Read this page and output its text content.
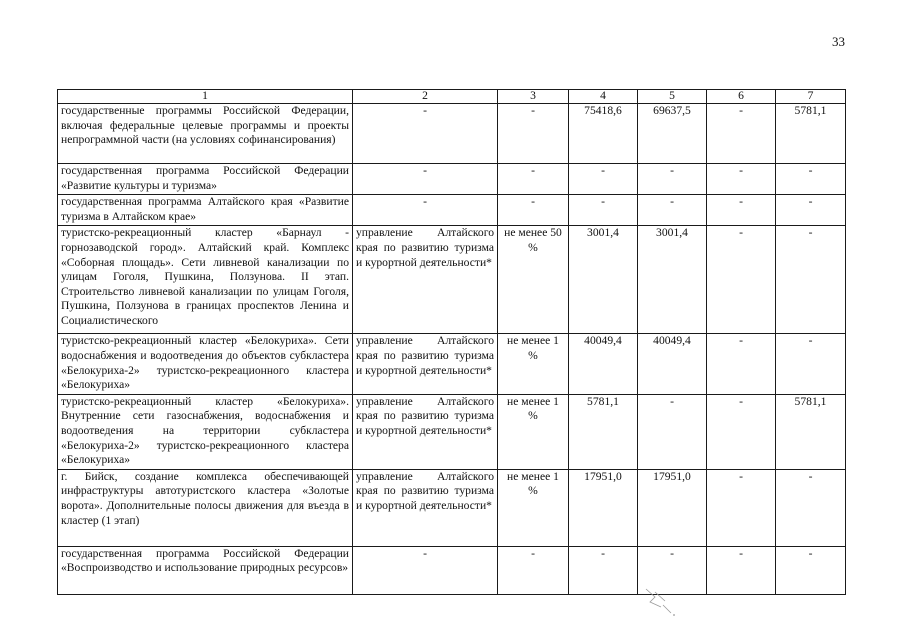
33
1	2	3	4	5	6	7
государственные программы Российской Федерации, включая федеральные целевые программы и проекты непрограммной части (на условиях софинансирования)	-	-	75418,6	69637,5	-	5781,1
государственная программа Российской Федерации «Развитие культуры и туризма»	-	-	-	-	-	-
государственная программа Алтайского края «Развитие туризма в Алтайском крае»	-	-	-	-	-	-
туристско-рекреационный кластер «Барнаул - горнозаводской город». Алтайский край. Комплекс «Соборная площадь». Сети ливневой канализации по улицам Гоголя, Пушкина, Ползунова. II этап. Строительство ливневой канализации по улицам Гоголя, Пушкина, Ползунова в границах проспектов Ленина и Социалистического	управление Алтайского края по развитию туризма и курортной деятельности*	не менее 50 %	3001,4	3001,4	-	-
туристско-рекреационный кластер «Белокуриха». Сети водоснабжения и водоотведения до объектов субкластера «Белокуриха-2» туристско-рекреационного кластера «Белокуриха»	управление Алтайского края по развитию туризма и курортной деятельности*	не менее 1 %	40049,4	40049,4	-	-
туристско-рекреационный кластер «Белокуриха». Внутренние сети газоснабжения, водоснабжения и водоотведения на территории субкластера «Белокуриха-2» туристско-рекреационного кластера «Белокуриха»	управление Алтайского края по развитию туризма и курортной деятельности*	не менее 1 %	5781,1	-	-	5781,1
г. Бийск, создание комплекса обеспечивающей инфраструктуры автотуристского кластера «Золотые ворота». Дополнительные полосы движения для въезда в кластер (1 этап)	управление Алтайского края по развитию туризма и курортной деятельности*	не менее 1 %	17951,0	17951,0	-	-
государственная программа Российской Федерации «Воспроизводство и использование природных ресурсов»	-	-	-	-	-	-
